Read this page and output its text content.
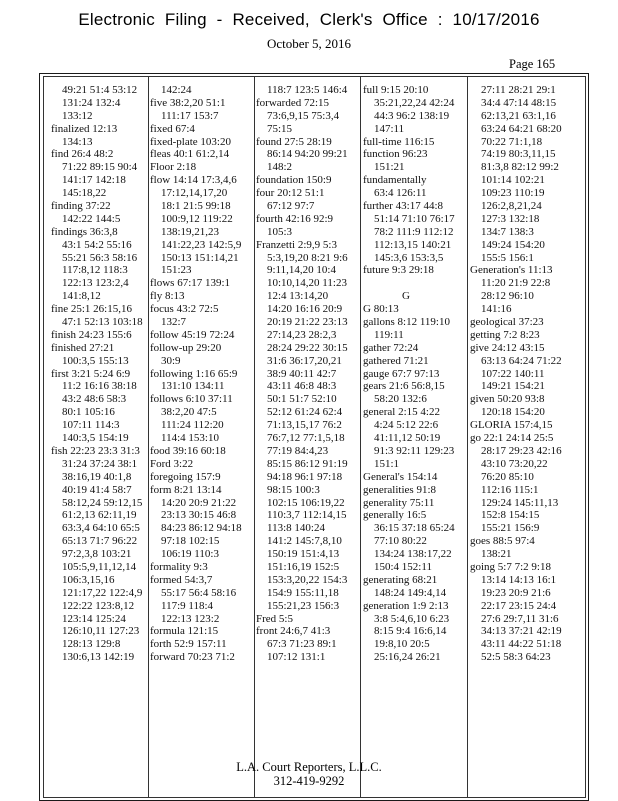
Electronic Filing - Received, Clerk's Office : 10/17/2016
October 5, 2016
Page 165
49:21 51:4 53:12
131:24 132:4
133:12
finalized 12:13
134:13
find 26:4 48:2
71:22 89:15 90:4
141:17 142:18
145:18,22
finding 37:22
142:22 144:5
findings 36:3,8
43:1 54:2 55:16
55:21 56:3 58:16
117:8,12 118:3
122:13 123:2,4
141:8,12
fine 25:1 26:15,16
47:1 52:13 103:18
finish 24:23 155:6
finished 27:21
100:3,5 155:13
first 3:21 5:24 6:9
11:2 16:16 38:18
43:2 48:6 58:3
80:1 105:16
107:11 114:3
140:3,5 154:19
fish 22:23 23:3 31:3
31:24 37:24 38:1
38:16,19 40:1,8
40:19 41:4 58:7
58:12,24 59:12,15
61:2,13 62:11,19
63:3,4 64:10 65:5
65:13 71:7 96:22
97:2,3,8 103:21
105:5,9,11,12,14
106:3,15,16
121:17,22 122:4,9
122:22 123:8,12
123:14 125:24
126:10,11 127:23
128:13 129:8
130:6,13 142:19
142:24
five 38:2,20 51:1
111:17 153:7
fixed 67:4
fixed-plate 103:20
fleas 40:1 61:2,14
Floor 2:18
flow 14:14 17:3,4,6
17:12,14,17,20
18:1 21:5 99:18
100:9,12 119:22
138:19,21,23
141:22,23 142:5,9
150:13 151:14,21
151:23
flows 67:17 139:1
fly 8:13
focus 43:2 72:5
132:7
follow 45:19 72:24
follow-up 29:20
30:9
following 1:16 65:9
131:10 134:11
follows 6:10 37:11
38:2,20 47:5
111:24 112:20
114:4 153:10
food 39:16 60:18
Ford 3:22
foregoing 157:9
form 8:21 13:14
14:20 20:9 21:22
23:13 30:15 46:8
84:23 86:12 94:18
97:18 102:15
106:19 110:3
formality 9:3
formed 54:3,7
55:17 56:4 58:16
117:9 118:4
122:13 123:2
formula 121:15
forth 52:9 157:11
forward 70:23 71:2
118:7 123:5 146:4
forwarded 72:15
73:6,9,15 75:3,4
75:15
found 27:5 28:19
86:14 94:20 99:21
148:2
foundation 150:9
four 20:12 51:1
67:12 97:7
fourth 42:16 92:9
105:3
Franzetti 2:9,9 5:3
5:3,19,20 8:21 9:6
9:11,14,20 10:4
10:10,14,20 11:23
12:4 13:14,20
14:20 16:16 20:9
20:19 21:22 23:13
27:14,23 28:2,3
28:24 29:22 30:15
31:6 36:17,20,21
38:9 40:11 42:7
43:11 46:8 48:3
50:1 51:7 52:10
52:12 61:24 62:4
71:13,15,17 76:2
76:7,12 77:1,5,18
77:19 84:4,23
85:15 86:12 91:19
94:18 96:1 97:18
98:15 100:3
102:15 106:19,22
110:3,7 112:14,15
113:8 140:24
141:2 145:7,8,10
150:19 151:4,13
151:16,19 152:5
153:3,20,22 154:3
154:9 155:11,18
155:21,23 156:3
Fred 5:5
front 24:6,7 41:3
67:3 71:23 89:1
107:12 131:1
full 9:15 20:10
35:21,22,24 42:24
44:3 96:2 138:19
147:11
full-time 116:15
function 96:23
151:21
fundamentally
63:4 126:11
further 43:17 44:8
51:14 71:10 76:17
78:2 111:9 112:12
112:13,15 140:21
145:3,6 153:3,5
future 9:3 29:18
G
G 80:13
gallons 8:12 119:10
119:11
gather 72:24
gathered 71:21
gauge 67:7 97:13
gears 21:6 56:8,15
58:20 132:6
general 2:15 4:22
4:24 5:12 22:6
41:11,12 50:19
91:3 92:11 129:23
151:1
General's 154:14
generalities 91:8
generality 75:11
generally 16:5
36:15 37:18 65:24
77:10 80:22
134:24 138:17,22
150:4 152:11
generating 68:21
148:24 149:4,14
generation 1:9 2:13
3:8 5:4,6,10 6:23
8:15 9:4 16:6,14
19:8,10 20:5
25:16,24 26:21
27:11 28:21 29:1
34:4 47:14 48:15
62:13,21 63:1,16
63:24 64:21 68:20
70:22 71:1,18
74:19 80:3,11,15
81:3,8 82:12 99:2
101:14 102:21
109:23 110:19
126:2,8,21,24
127:3 132:18
134:7 138:3
149:24 154:20
155:5 156:1
Generation's 11:13
11:20 21:9 22:8
28:12 96:10
141:16
geological 37:23
getting 7:2 8:23
give 24:12 43:15
63:13 64:24 71:22
107:22 140:11
149:21 154:21
given 50:20 93:8
120:18 154:20
GLORIA 157:4,15
go 22:1 24:14 25:5
28:17 29:23 42:16
43:10 73:20,22
76:20 85:10
112:16 115:1
129:24 145:11,13
152:8 154:15
155:21 156:9
goes 88:5 97:4
138:21
going 5:7 7:2 9:18
13:14 14:13 16:1
19:23 20:9 21:6
22:17 23:15 24:4
27:6 29:7,11 31:6
34:13 37:21 42:19
43:11 44:22 51:18
52:5 58:3 64:23
L.A. Court Reporters, L.L.C.
312-419-9292
